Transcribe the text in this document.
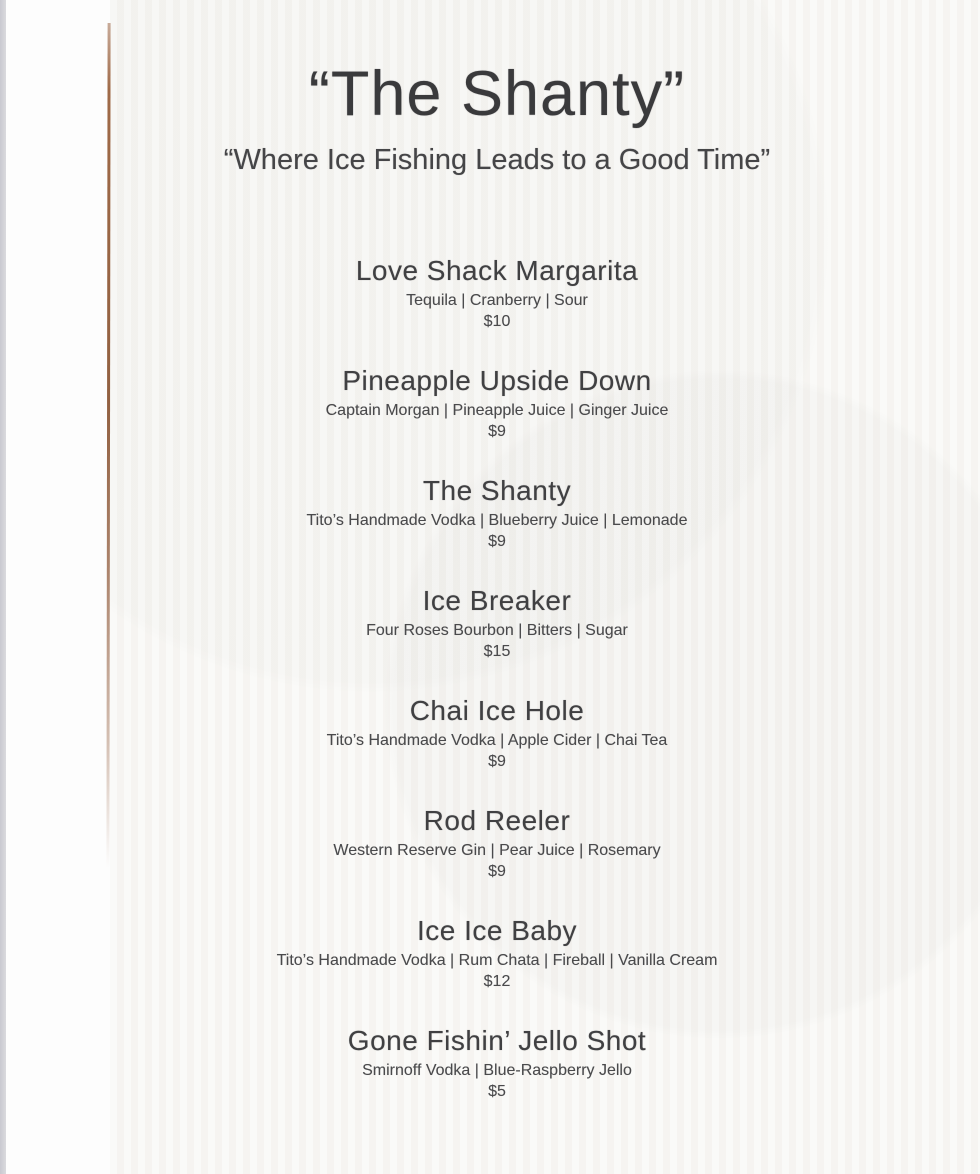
“The Shanty”
“Where Ice Fishing Leads to a Good Time”
Love Shack Margarita
Tequila | Cranberry | Sour
$10
Pineapple Upside Down
Captain Morgan | Pineapple Juice | Ginger Juice
$9
The Shanty
Tito’s Handmade Vodka | Blueberry Juice | Lemonade
$9
Ice Breaker
Four Roses Bourbon | Bitters | Sugar
$15
Chai Ice Hole
Tito’s Handmade Vodka | Apple Cider | Chai Tea
$9
Rod Reeler
Western Reserve Gin | Pear Juice | Rosemary
$9
Ice Ice Baby
Tito’s Handmade Vodka | Rum Chata | Fireball | Vanilla Cream
$12
Gone Fishin’ Jello Shot
Smirnoff Vodka | Blue-Raspberry Jello
$5
